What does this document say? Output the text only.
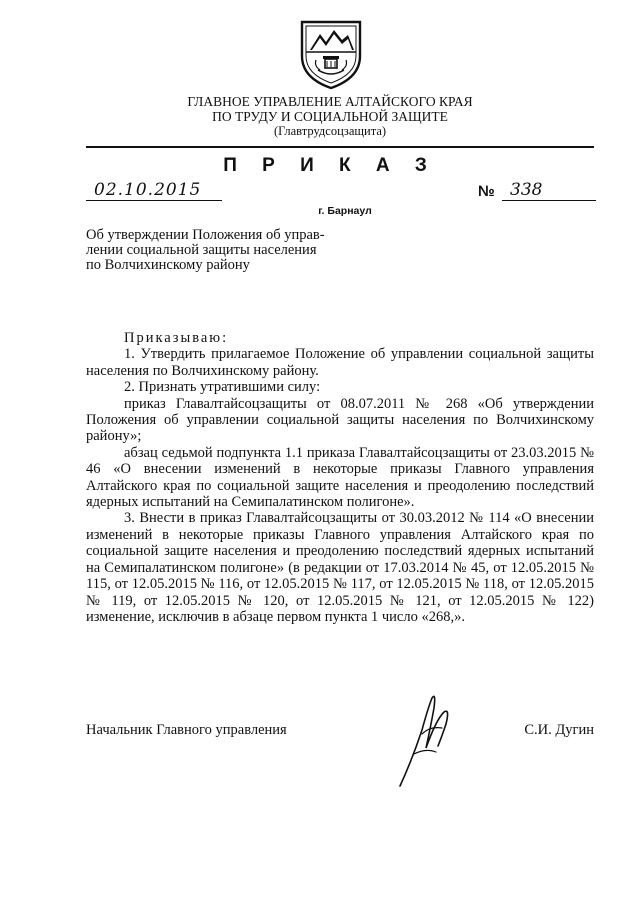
ГЛАВНОЕ УПРАВЛЕНИЕ АЛТАЙСКОГО КРАЯ
ПО ТРУДУ И СОЦИАЛЬНОЙ ЗАЩИТЕ
(Главтрудсоцзащита)
П Р И К А З
02.10.2015	№ 338
г. Барнаул
Об утверждении Положения об управ-
лении социальной защиты населения
по Волчихинскому району
Приказываю:
1. Утвердить прилагаемое Положение об управлении социальной защиты населения по Волчихинскому району.
2. Признать утратившими силу:
приказ Главалтайсоцзащиты от 08.07.2011 № 268 «Об утверждении Положения об управлении социальной защиты населения по Волчихинскому району»;
абзац седьмой подпункта 1.1 приказа Главалтайсоцзащиты от 23.03.2015 № 46 «О внесении изменений в некоторые приказы Главного управления Алтайского края по социальной защите населения и преодолению последствий ядерных испытаний на Семипалатинском полигоне».
3. Внести в приказ Главалтайсоцзащиты от 30.03.2012 № 114 «О внесении изменений в некоторые приказы Главного управления Алтайского края по социальной защите населения и преодолению последствий ядерных испытаний на Семипалатинском полигоне» (в редакции от 17.03.2014 № 45, от 12.05.2015 № 115, от 12.05.2015 № 116, от 12.05.2015 № 117, от 12.05.2015 № 118, от 12.05.2015 № 119, от 12.05.2015 № 120, от 12.05.2015 № 121, от 12.05.2015 № 122) изменение, исключив в абзаце первом пункта 1 число «268,».
Начальник Главного управления	С.И. Дугин
